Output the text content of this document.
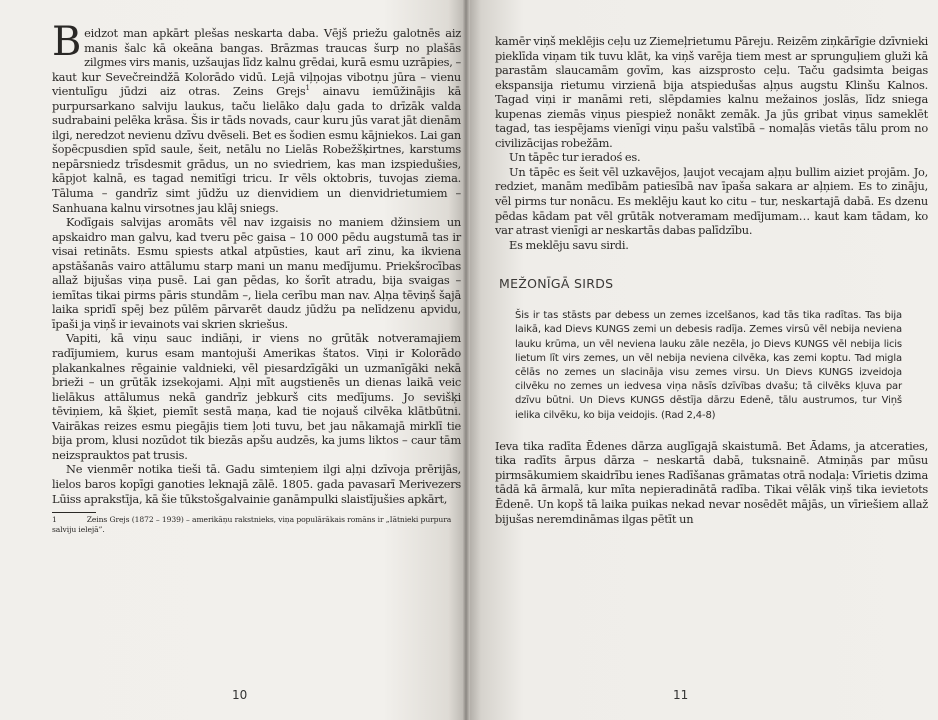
Beidzot man apkārt plešas neskarta daba. Vējš priežu galotnēs aiz manis šalc kā okeāna bangas. Brāzmas traucas šurp no plašās zilgmes virs manis, uzšaujas līdz kalnu grēdai, kurā esmu uzrāpies, – kaut kur Sevečreindžā Kolorādo vidū. Lejā viļņojas vibotņu jūra – vienu vientulīgu jūdzi aiz otras. Zeins Grejs$^1$ ainavu iemūžinājis kā purpursarkano salviju laukus, taču lielāko daļu gada to drīzāk valda sudrabaini pelēka krāsa. Šis ir tāds novads, caur kuru jūs varat jāt dienām ilgi, neredzot nevienu dzīvu dvēseli. Bet es šodien esmu kājniekos. Lai gan šopēcpusdien spīd saule, šeit, netālu no Lielās Robežšķirtnes, karstums nepārsniedz trīsdesmit grādus, un no sviedriem, kas man izspiedušies, kāpjot kalnā, es tagad nemitīgi tricu. Ir vēls oktobris, tuvojas ziema. Tāluma – gandrīz simt jūdžu uz dienvidiem un dienvidrietumiem – Sanhuana kalnu virsotnes jau klāj sniegs.

Kodīgais salvijas aromāts vēl nav izgaisis no maniem džinsiem un apskaidro man galvu, kad tveru pēc gaisa – 10 000 pēdu augstumā tas ir visai retināts. Esmu spiests atkal atpūsties, kaut arī zinu, ka ikviena apstāšanās vairo attālumu starp mani un manu medījumu. Priekšrocības allaž bijušas viņa pusē. Lai gan pēdas, ko šorīt atradu, bija svaigas – iemītas tikai pirms pāris stundām –, liela cerību man nav. Aļņa tēviņš šajā laika spridī spēj bez pūlēm pārvarēt daudz jūdžu pa nelīdzenu apvidu, īpaši ja viņš ir ievainots vai skrien skriešus.

Vapiti, kā viņu sauc indiāņi, ir viens no grūtāk notveramajiem radījumiem, kurus esam mantojuši Amerikas štatos. Viņi ir Kolorādo plakankalnes rēgainie valdnieki, vēl piesardzīgāki un uzmanīgāki nekā brieži – un grūtāk izsekojami. Aļņi mīt augstienēs un dienas laikā veic lielākus attālumus nekā gandrīz jebkurš cits medījums. Jo sevišķi tēviņiem, kā šķiet, piemīt sestā maņa, kad tie nojauš cilvēka klātbūtni. Vairākas reizes esmu piegājis tiem ļoti tuvu, bet jau nākamajā mirklī tie bija prom, klusi nozūdot tik biezās apšu audzēs, ka jums liktos – caur tām neizsprauktos pat trusis.

Ne vienmēr notika tieši tā. Gadu simteņiem ilgi aļņi dzīvoja prērijās, lielos baros kopīgi ganoties leknajā zālē. 1805. gada pavasarī Merivezers Lūiss aprakstīja, kā šie tūkstošgalvainie ganāmpulki slaistījušies apkārt,

1	Zeins Grejs (1872 – 1939) – amerikāņu rakstnieks, viņa populārākais romāns ir „Iātnieki purpura salviju ielejā”.
10

kamēr viņš meklējis ceļu uz Ziemeļrietumu Pāreju. Reizēm ziņkārīgie dzīvnieki pieklīda viņam tik tuvu klāt, ka viņš varēja tiem mest ar sprunguļiem gluži kā parastām slaucamām govīm, kas aizsprosto ceļu. Taču gadsimta beigas ekspansija rietumu virzienā bija atspiedušas aļņus augstu Klinšu Kalnos. Tagad viņi ir manāmi reti, slēpdamies kalnu mežainos joslās, līdz sniega kupenas ziemās viņus piespiež nonākt zemāk. Ja jūs gribat viņus sameklēt tagad, tas iespējams vienīgi viņu pašu valstībā – nomaļās vietās tālu prom no civilizācijas robežām.

Un tāpēc tur ieradoś es.

Un tāpēc es šeit vēl uzkavējos, ļaujot vecajam aļņu bullim aiziet projām. Jo, redziet, manām medībām patiesībā nav īpaša sakara ar aļņiem. Es to zināju, vēl pirms tur nonācu. Es meklēju kaut ko citu – tur, neskartajā dabā. Es dzenu pēdas kādam pat vēl grūtāk notveramam medījumam… kaut kam tādam, ko var atrast vienīgi ar neskartās dabas palīdzību.

Es meklēju savu sirdi.

MEŽONĪGĀ SIRDS

Šis ir tas stāsts par debess un zemes izcelšanos, kad tās tika radītas. Tas bija laikā, kad Dievs KUNGS zemi un debesis radīja. Zemes virsū vēl nebija neviena lauku krūma, un vēl neviena lauku zāle nezēla, jo Dievs KUNGS vēl nebija licis lietum līt virs zemes, un vēl nebija neviena cilvēka, kas zemi koptu. Tad migla cēlās no zemes un slacināja visu zemes virsu. Un Dievs KUNGS izveidoja cilvēku no zemes un iedvesa viņa nāsīs dzīvības dvašu; tā cilvēks kļuva par dzīvu būtni. Un Dievs KUNGS dēstīja dārzu Edenē, tālu austrumos, tur Viņš ielika cilvēku, ko bija veidojis. (Rad 2,4-8)

Ieva tika radīta Ēdenes dārza auglīgajā skaistumā. Bet Ādams, ja atceraties, tika radīts ārpus dārza – neskartā dabā, tuksnainē. Atmiņās par mūsu pirmsākumiem skaidrību ienes Radīšanas grāmatas otrā nodaļa: Vīrietis dzima tādā kā ārmalā, kur mīta nepieradinātā radība. Tikai vēlāk viņš tika ievietots Ēdenē. Un kopš tā laika puikas nekad nevar nosēdēt mājās, un vīriešiem allaž bijušas neremdināmas ilgas pētīt un

11
